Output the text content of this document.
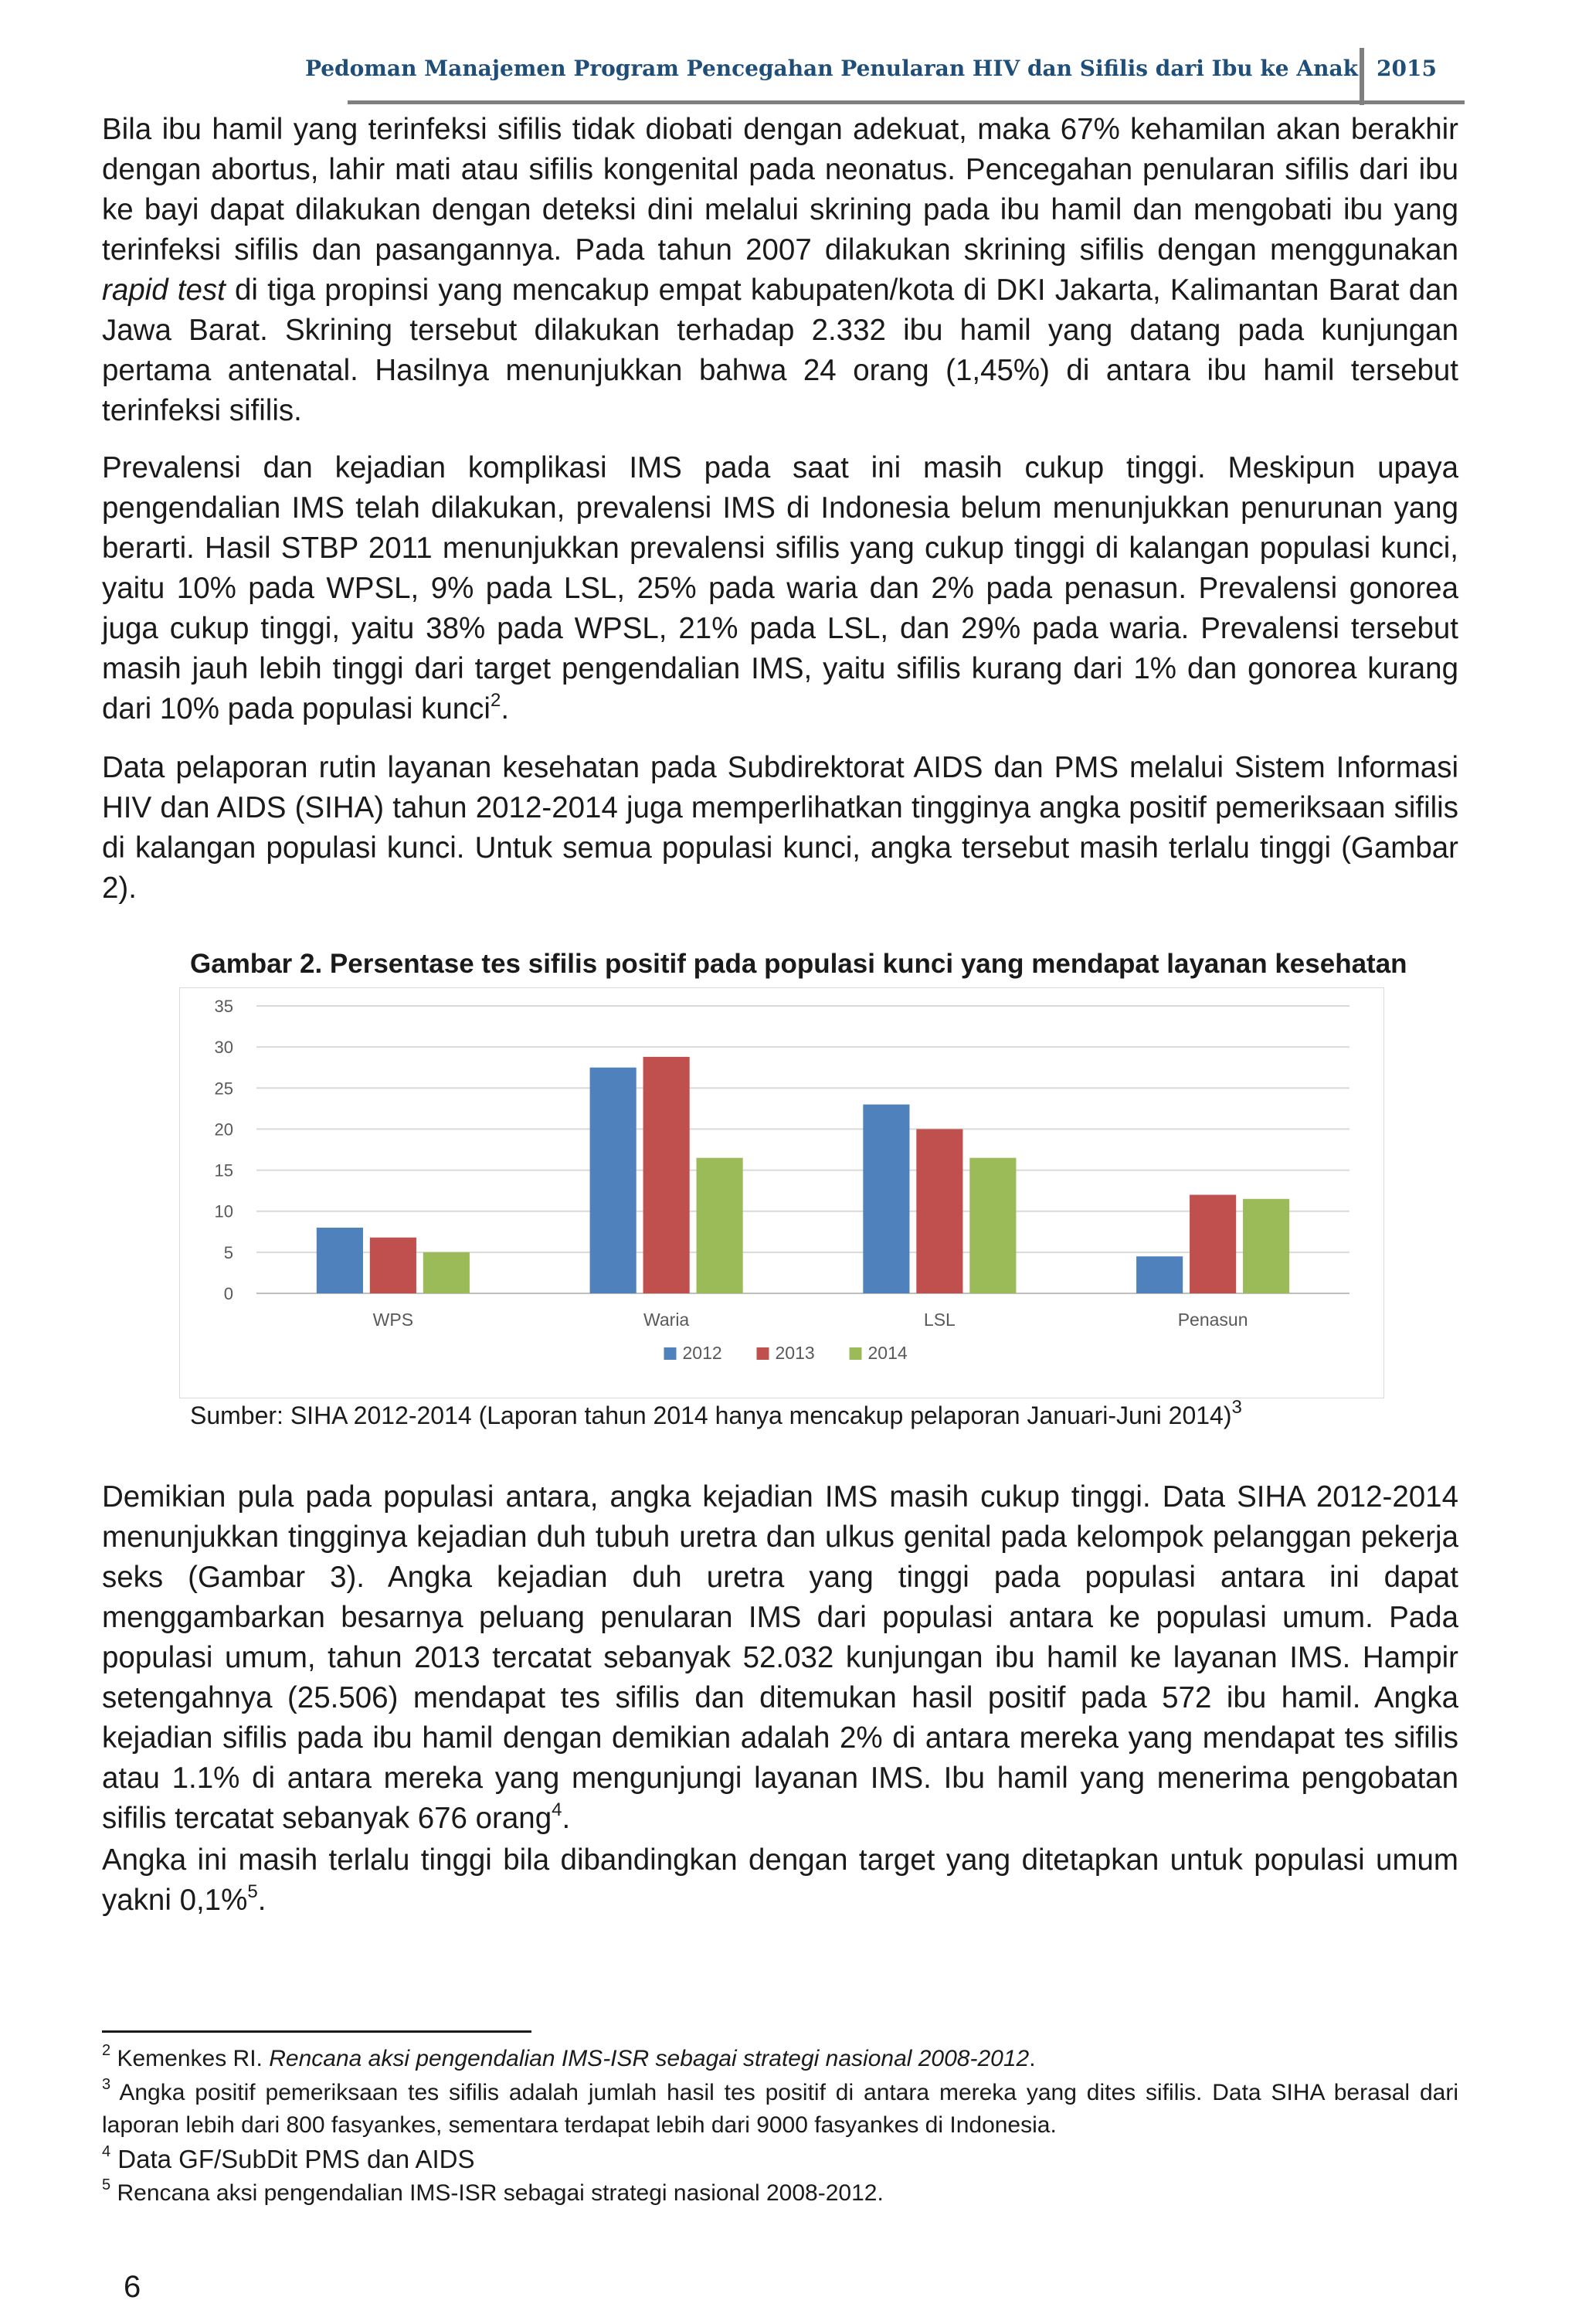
Pedoman Manajemen Program Pencegahan Penularan HIV dan Sifilis dari Ibu ke Anak 2015

Bila ibu hamil yang terinfeksi sifilis tidak diobati dengan adekuat, maka 67% kehamilan akan berakhir dengan abortus, lahir mati atau sifilis kongenital pada neonatus. Pencegahan penularan sifilis dari ibu ke bayi dapat dilakukan dengan deteksi dini melalui skrining pada ibu hamil dan mengobati ibu yang terinfeksi sifilis dan pasangannya. Pada tahun 2007 dilakukan skrining sifilis dengan menggunakan rapid test di tiga propinsi yang mencakup empat kabupaten/kota di DKI Jakarta, Kalimantan Barat dan Jawa Barat. Skrining tersebut dilakukan terhadap 2.332 ibu hamil yang datang pada kunjungan pertama antenatal. Hasilnya menunjukkan bahwa 24 orang (1,45%) di antara ibu hamil tersebut terinfeksi sifilis.

Prevalensi dan kejadian komplikasi IMS pada saat ini masih cukup tinggi. Meskipun upaya pengendalian IMS telah dilakukan, prevalensi IMS di Indonesia belum menunjukkan penurunan yang berarti. Hasil STBP 2011 menunjukkan prevalensi sifilis yang cukup tinggi di kalangan populasi kunci, yaitu 10% pada WPSL, 9% pada LSL, 25% pada waria dan 2% pada penasun. Prevalensi gonorea juga cukup tinggi, yaitu 38% pada WPSL, 21% pada LSL, dan 29% pada waria. Prevalensi tersebut masih jauh lebih tinggi dari target pengendalian IMS, yaitu sifilis kurang dari 1% dan gonorea kurang dari 10% pada populasi kunci$^2$.

Data pelaporan rutin layanan kesehatan pada Subdirektorat AIDS dan PMS melalui Sistem Informasi HIV dan AIDS (SIHA) tahun 2012-2014 juga memperlihatkan tingginya angka positif pemeriksaan sifilis di kalangan populasi kunci. Untuk semua populasi kunci, angka tersebut masih terlalu tinggi (Gambar 2).

Gambar 2. Persentase tes sifilis positif pada populasi kunci yang mendapat layanan kesehatan
0
5
10
15
20
25
30
35
WPS	Waria	LSL	Penasun
2012	2013	2014
Sumber: SIHA 2012-2014 (Laporan tahun 2014 hanya mencakup pelaporan Januari-Juni 2014)$^3$

Demikian pula pada populasi antara, angka kejadian IMS masih cukup tinggi. Data SIHA 2012-2014 menunjukkan tingginya kejadian duh tubuh uretra dan ulkus genital pada kelompok pelanggan pekerja seks (Gambar 3). Angka kejadian duh uretra yang tinggi pada populasi antara ini dapat menggambarkan besarnya peluang penularan IMS dari populasi antara ke populasi umum. Pada populasi umum, tahun 2013 tercatat sebanyak 52.032 kunjungan ibu hamil ke layanan IMS. Hampir setengahnya (25.506) mendapat tes sifilis dan ditemukan hasil positif pada 572 ibu hamil. Angka kejadian sifilis pada ibu hamil dengan demikian adalah 2% di antara mereka yang mendapat tes sifilis atau 1.1% di antara mereka yang mengunjungi layanan IMS. Ibu hamil yang menerima pengobatan sifilis tercatat sebanyak 676 orang$^4$.

Angka ini masih terlalu tinggi bila dibandingkan dengan target yang ditetapkan untuk populasi umum yakni 0,1%$^5$.

$^2$ Kemenkes RI. Rencana aksi pengendalian IMS-ISR sebagai strategi nasional 2008-2012.

$^3$ Angka positif pemeriksaan tes sifilis adalah jumlah hasil tes positif di antara mereka yang dites sifilis. Data SIHA berasal dari laporan lebih dari 800 fasyankes, sementara terdapat lebih dari 9000 fasyankes di Indonesia.

$^4$ Data GF/SubDit PMS dan AIDS

$^5$ Rencana aksi pengendalian IMS-ISR sebagai strategi nasional 2008-2012.

6
